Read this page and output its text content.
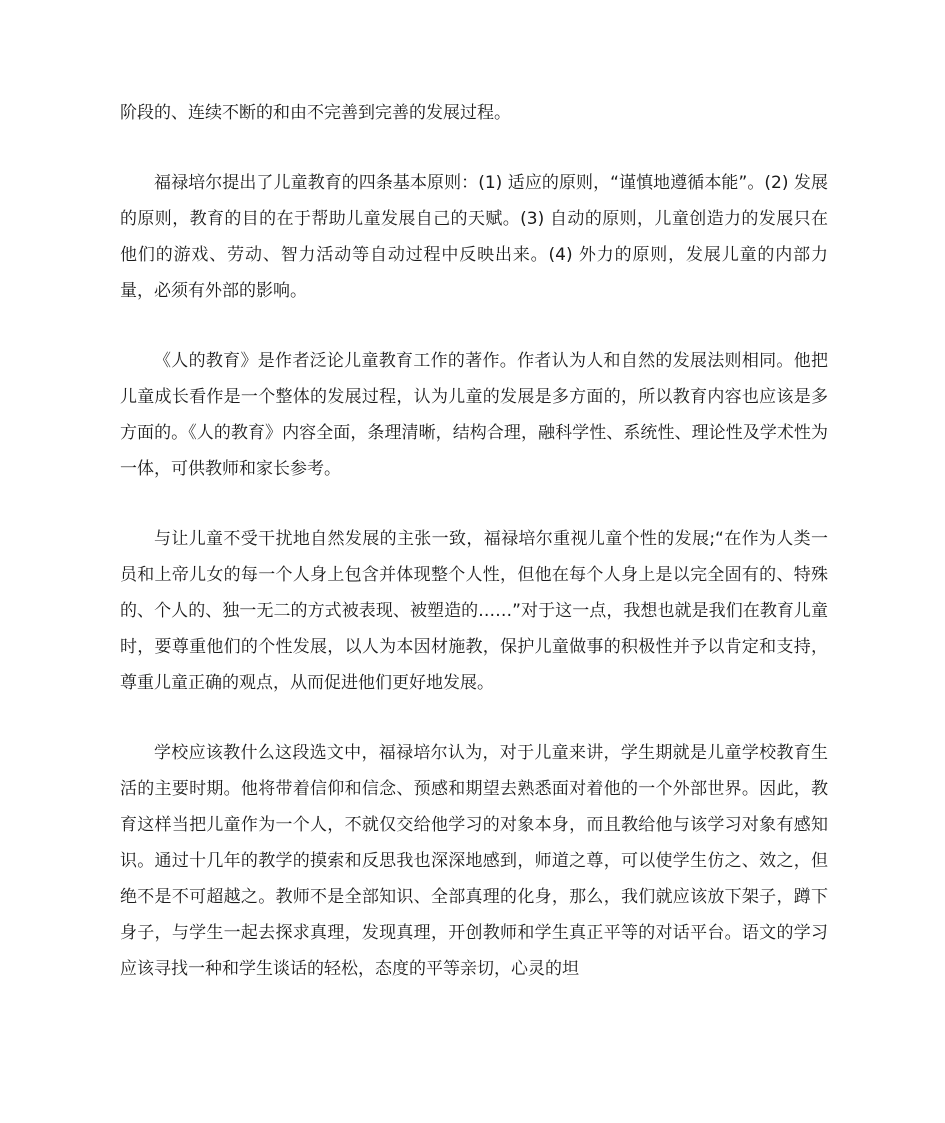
阶段的、连续不断的和由不完善到完善的发展过程。

福禄培尔提出了儿童教育的四条基本原则：(1) 适应的原则，“谨慎地遵循本能”。(2) 发展的原则，教育的目的在于帮助儿童发展自己的天赋。(3) 自动的原则，儿童创造力的发展只在他们的游戏、劳动、智力活动等自动过程中反映出来。(4) 外力的原则，发展儿童的内部力量，必须有外部的影响。

《人的教育》是作者泛论儿童教育工作的著作。作者认为人和自然的发展法则相同。他把儿童成长看作是一个整体的发展过程，认为儿童的发展是多方面的，所以教育内容也应该是多方面的。《人的教育》内容全面，条理清晰，结构合理，融科学性、系统性、理论性及学术性为一体，可供教师和家长参考。

与让儿童不受干扰地自然发展的主张一致，福禄培尔重视儿童个性的发展;“在作为人类一员和上帝儿女的每一个人身上包含并体现整个人性，但他在每个人身上是以完全固有的、特殊的、个人的、独一无二的方式被表现、被塑造的……”对于这一点，我想也就是我们在教育儿童时，要尊重他们的个性发展，以人为本因材施教，保护儿童做事的积极性并予以肯定和支持，尊重儿童正确的观点，从而促进他们更好地发展。

学校应该教什么这段选文中，福禄培尔认为，对于儿童来讲，学生期就是儿童学校教育生活的主要时期。他将带着信仰和信念、预感和期望去熟悉面对着他的一个外部世界。因此，教育这样当把儿童作为一个人，不就仅交给他学习的对象本身，而且教给他与该学习对象有感知识。通过十几年的教学的摸索和反思我也深深地感到，师道之尊，可以使学生仿之、效之，但绝不是不可超越之。教师不是全部知识、全部真理的化身，那么，我们就应该放下架子，蹲下身子，与学生一起去探求真理，发现真理，开创教师和学生真正平等的对话平台。语文的学习应该寻找一种和学生谈话的轻松，态度的平等亲切，心灵的坦
